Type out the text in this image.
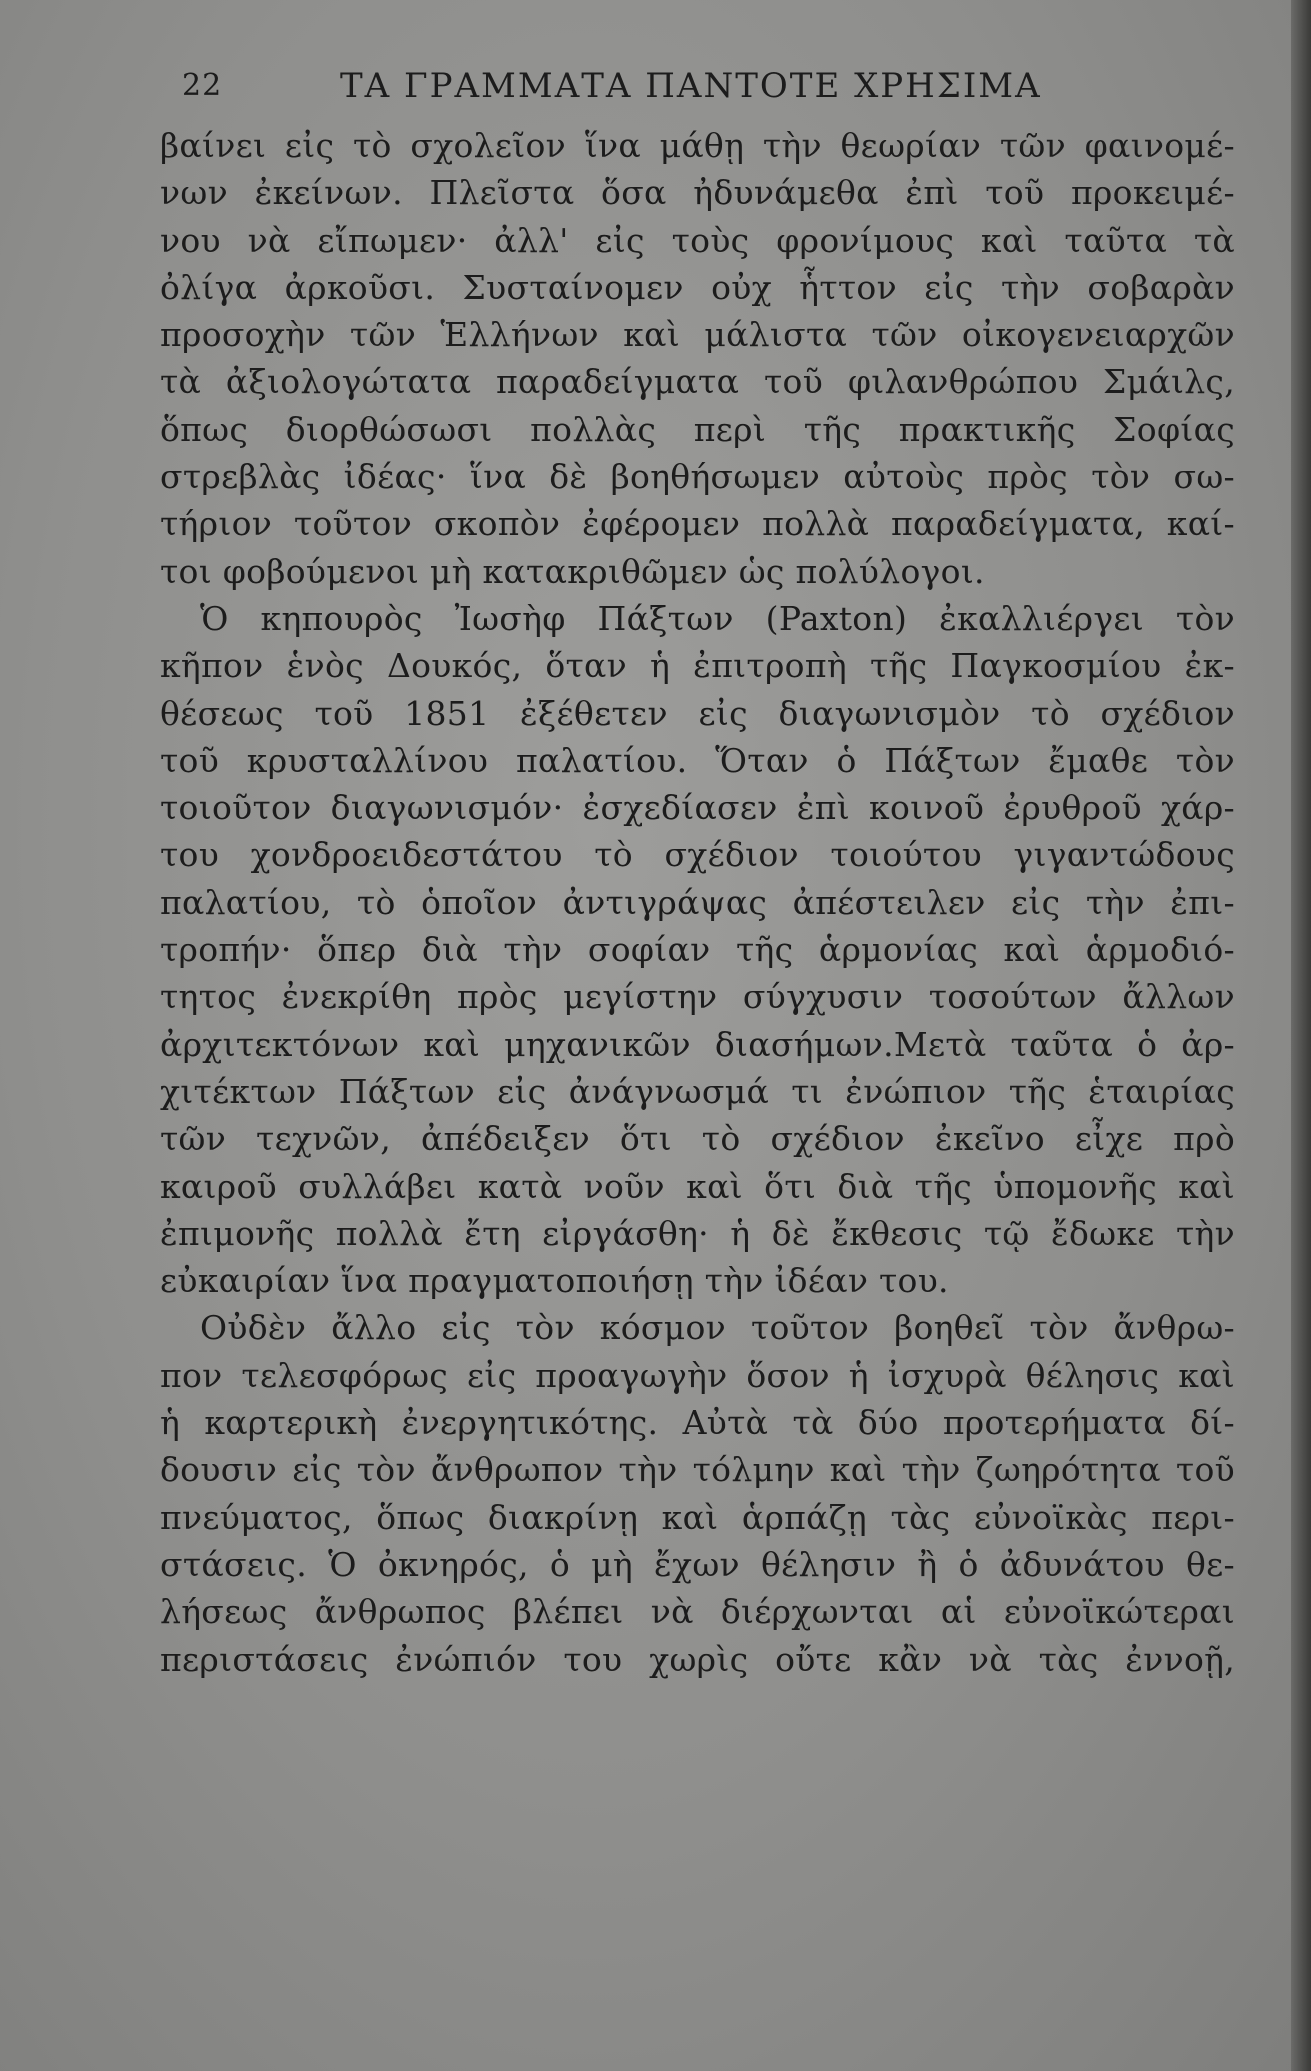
22	ΤΑ ΓΡΑΜΜΑΤΑ ΠΑΝΤΟΤΕ ΧΡΗΣΙΜΑ
βαίνει εἰς τὸ σχολεῖον ἵνα μάθῃ τὴν θεωρίαν τῶν φαινομέ-
νων ἐκείνων. Πλεῖστα ὅσα ἠδυνάμεθα ἐπὶ τοῦ προκειμέ-
νου νὰ εἴπωμεν· ἀλλ' εἰς τοὺς φρονίμους καὶ ταῦτα τὰ
ὀλίγα ἀρκοῦσι. Συσταίνομεν οὐχ ἧττον εἰς τὴν σοβαρὰν
προσοχὴν τῶν Ἑλλήνων καὶ μάλιστα τῶν οἰκογενειαρχῶν
τὰ ἀξιολογώτατα παραδείγματα τοῦ φιλανθρώπου Σμάιλς,
ὅπως διορθώσωσι πολλὰς περὶ τῆς πρακτικῆς Σοφίας
στρεβλὰς ἰδέας· ἵνα δὲ βοηθήσωμεν αὐτοὺς πρὸς τὸν σω-
τήριον τοῦτον σκοπὸν ἐφέρομεν πολλὰ παραδείγματα, καί-
τοι φοβούμενοι μὴ κατακριθῶμεν ὡς πολύλογοι.
Ὁ κηπουρὸς Ἰωσὴφ Πάξτων (Paxton) ἐκαλλιέργει τὸν
κῆπον ἑνὸς Δουκός, ὅταν ἡ ἐπιτροπὴ τῆς Παγκοσμίου ἐκ-
θέσεως τοῦ 1851 ἐξέθετεν εἰς διαγωνισμὸν τὸ σχέδιον
τοῦ κρυσταλλίνου παλατίου. Ὅταν ὁ Πάξτων ἔμαθε τὸν
τοιοῦτον διαγωνισμόν· ἐσχεδίασεν ἐπὶ κοινοῦ ἐρυθροῦ χάρ-
του χονδροειδεστάτου τὸ σχέδιον τοιούτου γιγαντώδους
παλατίου, τὸ ὁποῖον ἀντιγράψας ἀπέστειλεν εἰς τὴν ἐπι-
τροπήν· ὅπερ διὰ τὴν σοφίαν τῆς ἁρμονίας καὶ ἁρμοδιό-
τητος ἐνεκρίθη πρὸς μεγίστην σύγχυσιν τοσούτων ἄλλων
ἀρχιτεκτόνων καὶ μηχανικῶν διασήμων.Μετὰ ταῦτα ὁ ἀρ-
χιτέκτων Πάξτων εἰς ἀνάγνωσμά τι ἐνώπιον τῆς ἑταιρίας
τῶν τεχνῶν, ἀπέδειξεν ὅτι τὸ σχέδιον ἐκεῖνο εἶχε πρὸ
καιροῦ συλλάβει κατὰ νοῦν καὶ ὅτι διὰ τῆς ὑπομονῆς καὶ
ἐπιμονῆς πολλὰ ἔτη εἰργάσθη· ἡ δὲ ἔκθεσις τῷ ἔδωκε τὴν
εὐκαιρίαν ἵνα πραγματοποιήσῃ τὴν ἰδέαν του.
Οὐδὲν ἄλλο εἰς τὸν κόσμον τοῦτον βοηθεῖ τὸν ἄνθρω-
πον τελεσφόρως εἰς προαγωγὴν ὅσον ἡ ἰσχυρὰ θέλησις καὶ
ἡ καρτερικὴ ἐνεργητικότης. Αὐτὰ τὰ δύο προτερήματα δί-
δουσιν εἰς τὸν ἄνθρωπον τὴν τόλμην καὶ τὴν ζωηρότητα τοῦ
πνεύματος, ὅπως διακρίνῃ καὶ ἁρπάζῃ τὰς εὐνοϊκὰς περι-
στάσεις. Ὁ ὀκνηρός, ὁ μὴ ἔχων θέλησιν ἢ ὁ ἀδυνάτου θε-
λήσεως ἄνθρωπος βλέπει νὰ διέρχωνται αἱ εὐνοϊκώτεραι
περιστάσεις ἐνώπιόν του χωρὶς οὔτε κἂν νὰ τὰς ἐννοῇ,
